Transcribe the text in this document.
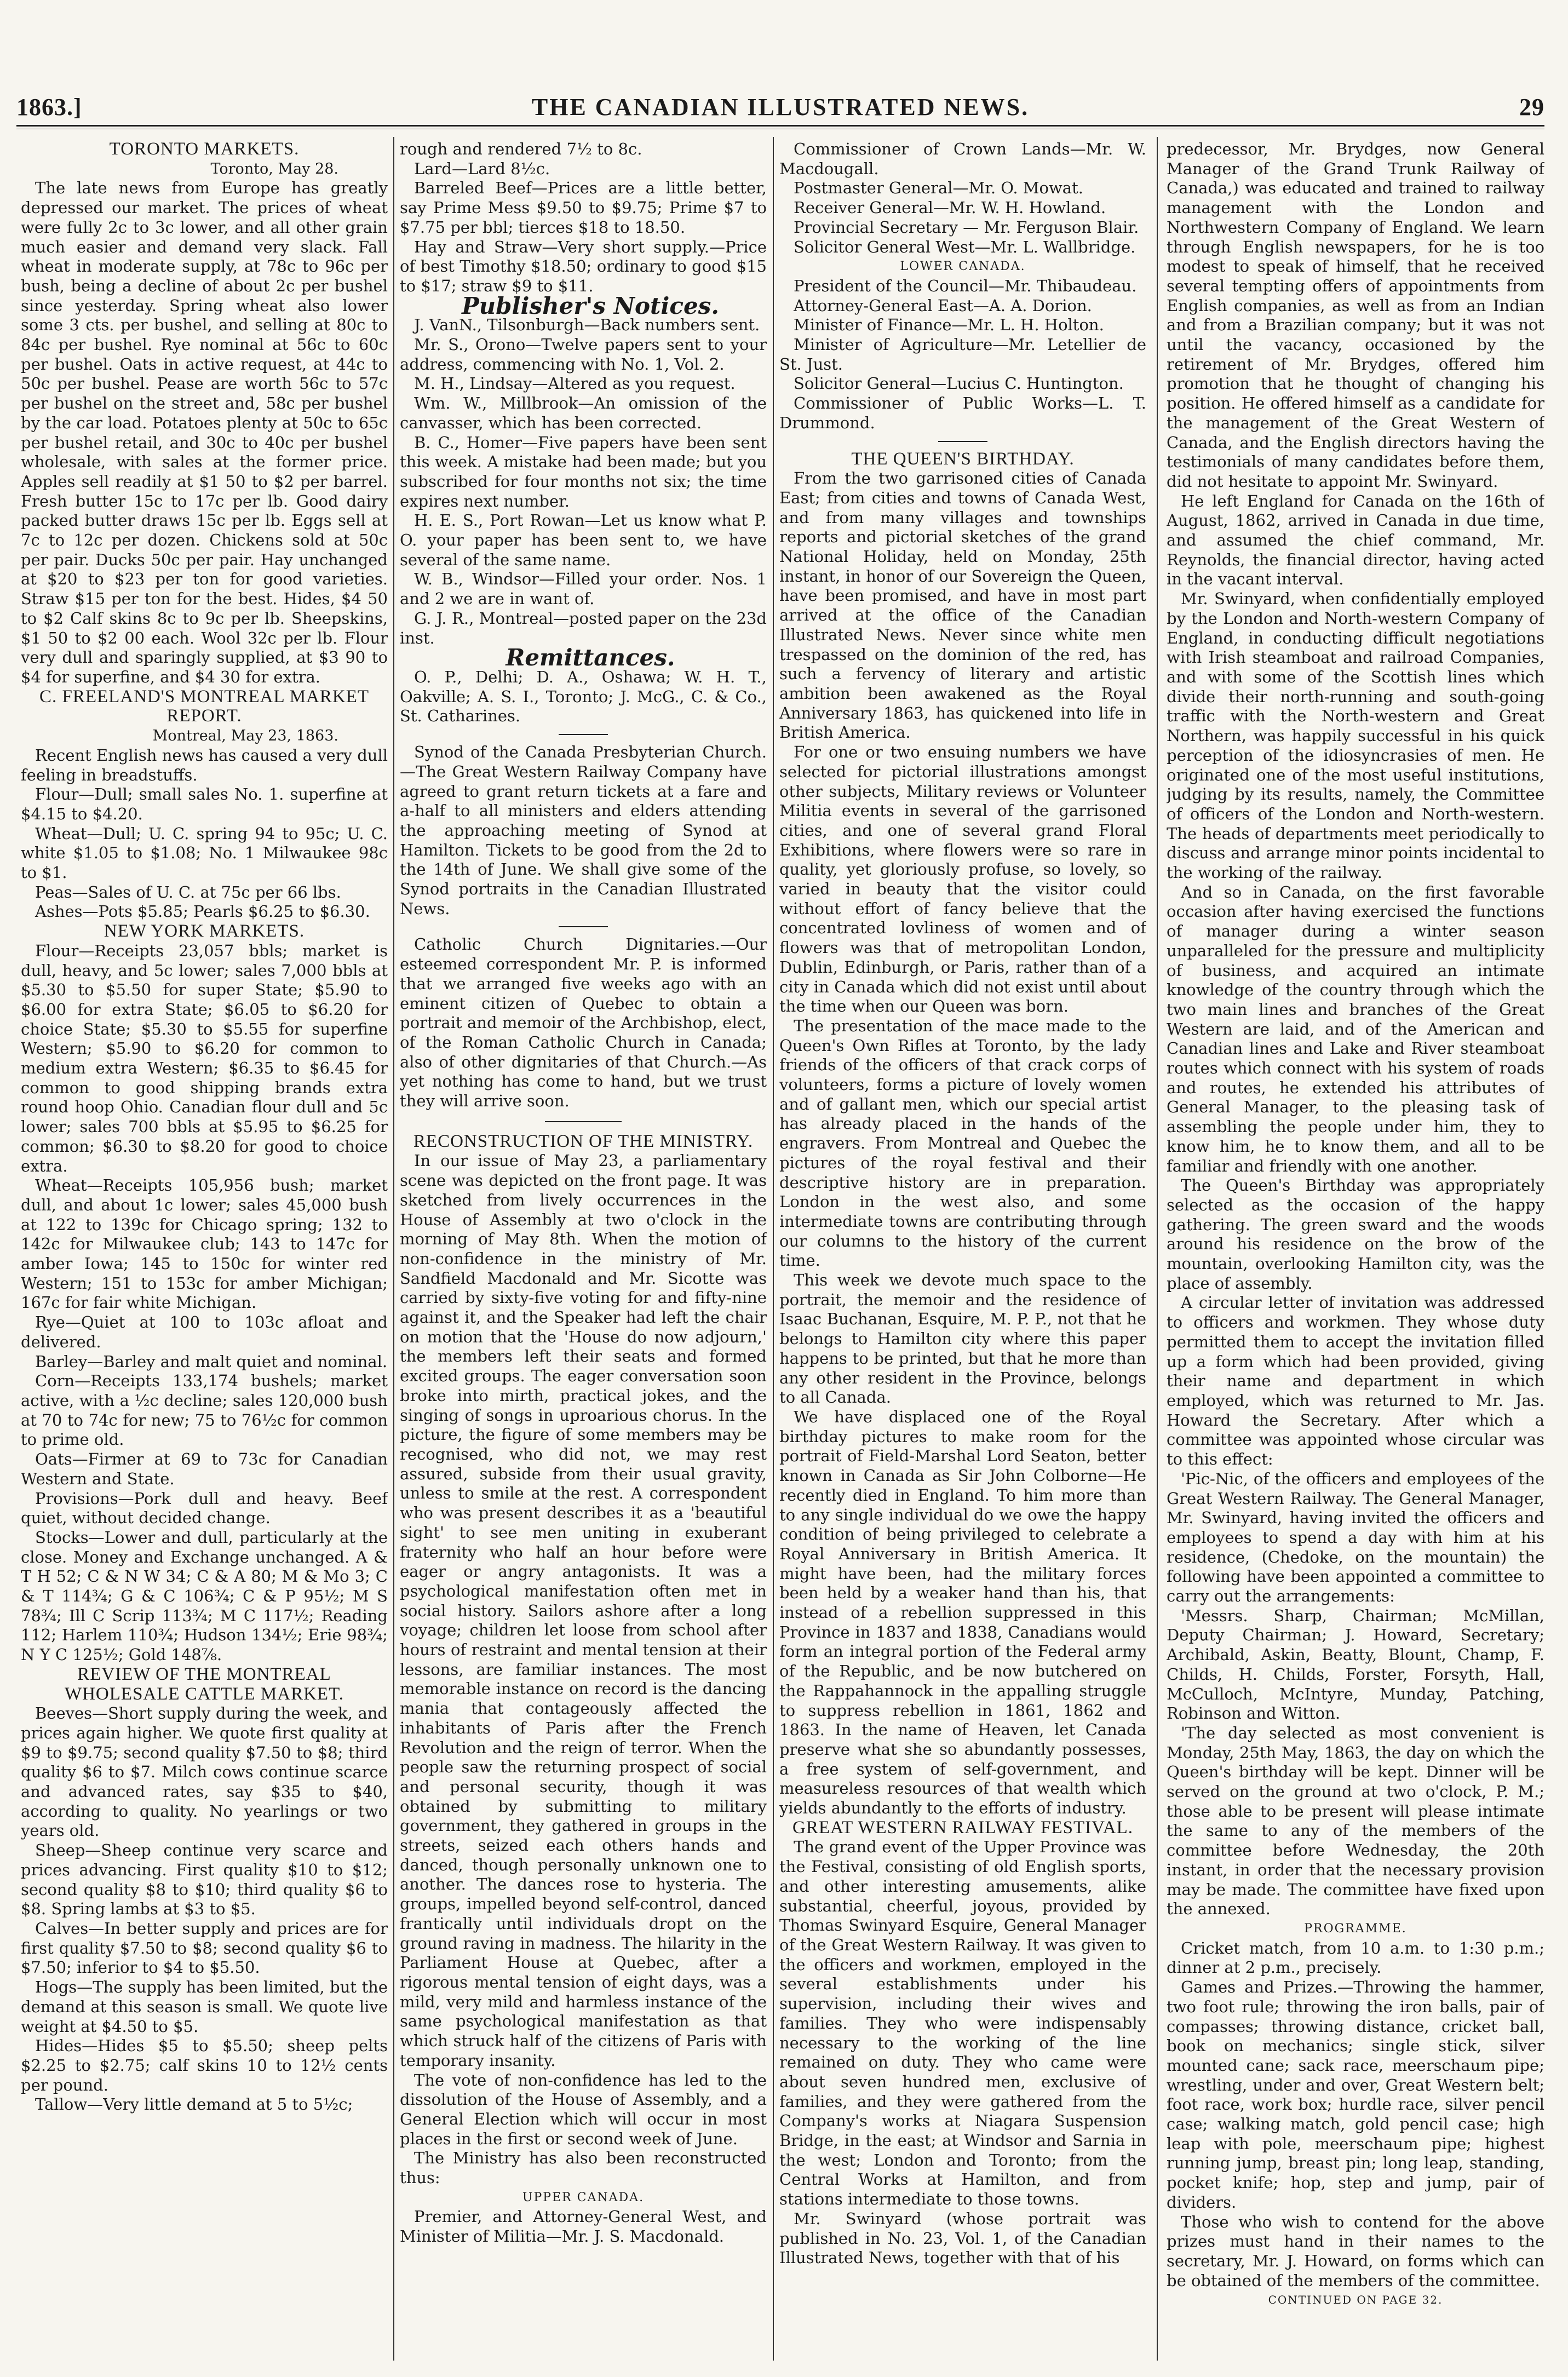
1863.]	THE CANADIAN ILLUSTRATED NEWS.	29

TORONTO MARKETS.

Toronto, May 28.

The late news from Europe has greatly depressed our market. The prices of wheat were fully 2c to 3c lower, and all other grain much easier and demand very slack. Fall wheat in moderate supply, at 78c to 96c per bush, being a decline of about 2c per bushel since yesterday. Spring wheat also lower some 3 cts. per bushel, and selling at 80c to 84c per bushel. Rye nominal at 56c to 60c per bushel. Oats in active request, at 44c to 50c per bushel. Pease are worth 56c to 57c per bushel on the street and, 58c per bushel by the car load. Potatoes plenty at 50c to 65c per bushel retail, and 30c to 40c per bushel wholesale, with sales at the former price. Apples sell readily at $1 50 to $2 per barrel. Fresh butter 15c to 17c per lb. Good dairy packed butter draws 15c per lb. Eggs sell at 7c to 12c per dozen. Chickens sold at 50c per pair. Ducks 50c per pair. Hay unchanged at $20 to $23 per ton for good varieties. Straw $15 per ton for the best. Hides, $4 50 to $2 Calf skins 8c to 9c per lb. Sheepskins, $1 50 to $2 00 each. Wool 32c per lb. Flour very dull and sparingly supplied, at $3 90 to $4 for superfine, and $4 30 for extra.

C. FREELAND'S MONTREAL MARKET REPORT.

Montreal, May 23, 1863.

Recent English news has caused a very dull feeling in breadstuffs.

Flour—Dull; small sales No. 1. superfine at $4.15 to $4.20.

Wheat—Dull; U. C. spring 94 to 95c; U. C. white $1.05 to $1.08; No. 1 Milwaukee 98c to $1.

Peas—Sales of U. C. at 75c per 66 lbs.

Ashes—Pots $5.85; Pearls $6.25 to $6.30.

NEW YORK MARKETS.

Flour—Receipts 23,057 bbls; market is dull, heavy, and 5c lower; sales 7,000 bbls at $5.30 to $5.50 for super State; $5.90 to $6.00 for extra State; $6.05 to $6.20 for choice State; $5.30 to $5.55 for superfine Western; $5.90 to $6.20 for common to medium extra Western; $6.35 to $6.45 for common to good shipping brands extra round hoop Ohio. Canadian flour dull and 5c lower; sales 700 bbls at $5.95 to $6.25 for common; $6.30 to $8.20 for good to choice extra.

Wheat—Receipts 105,956 bush; market dull, and about 1c lower; sales 45,000 bush at 122 to 139c for Chicago spring; 132 to 142c for Milwaukee club; 143 to 147c for amber Iowa; 145 to 150c for winter red Western; 151 to 153c for amber Michigan; 167c for fair white Michigan.

Rye—Quiet at 100 to 103c afloat and delivered.

Barley—Barley and malt quiet and nominal.

Corn—Receipts 133,174 bushels; market active, with a ½c decline; sales 120,000 bush at 70 to 74c for new; 75 to 76½c for common to prime old.

Oats—Firmer at 69 to 73c for Canadian Western and State.

Provisions—Pork dull and heavy. Beef quiet, without decided change.

Stocks—Lower and dull, particularly at the close. Money and Exchange unchanged. A & T H 52; C & N W 34; C & A 80; M & Mo 3; C & T 114¾; G & C 106¾; C & P 95½; M S 78¾; Ill C Scrip 113¾; M C 117½; Reading 112; Harlem 110¾; Hudson 134½; Erie 98¾; N Y C 125½; Gold 148⅞.

REVIEW OF THE MONTREAL WHOLESALE CATTLE MARKET.

Beeves—Short supply during the week, and prices again higher. We quote first quality at $9 to $9.75; second quality $7.50 to $8; third quality $6 to $7. Milch cows continue scarce and advanced rates, say $35 to $40, according to quality. No yearlings or two years old.

Sheep—Sheep continue very scarce and prices advancing. First quality $10 to $12; second quality $8 to $10; third quality $6 to $8. Spring lambs at $3 to $5.

Calves—In better supply and prices are for first quality $7.50 to $8; second quality $6 to $7.50; inferior to $4 to $5.50.

Hogs—The supply has been limited, but the demand at this season is small. We quote live weight at $4.50 to $5.

Hides—Hides $5 to $5.50; sheep pelts $2.25 to $2.75; calf skins 10 to 12½ cents per pound.

Tallow—Very little demand at 5 to 5½c;

rough and rendered 7½ to 8c.

Lard—Lard 8½c.

Barreled Beef—Prices are a little better, say Prime Mess $9.50 to $9.75; Prime $7 to $7.75 per bbl; tierces $18 to 18.50.

Hay and Straw—Very short supply.—Price of best Timothy $18.50; ordinary to good $15 to $17; straw $9 to $11.

Publisher's Notices.

J. VanN., Tilsonburgh—Back numbers sent.

Mr. S., Orono—Twelve papers sent to your address, commencing with No. 1, Vol. 2.

M. H., Lindsay—Altered as you request.

Wm. W., Millbrook—An omission of the canvasser, which has been corrected.

B. C., Homer—Five papers have been sent this week. A mistake had been made; but you subscribed for four months not six; the time expires next number.

H. E. S., Port Rowan—Let us know what P. O. your paper has been sent to, we have several of the same name.

W. B., Windsor—Filled your order. Nos. 1 and 2 we are in want of.

G. J. R., Montreal—posted paper on the 23d inst.

Remittances.

O. P., Delhi; D. A., Oshawa; W. H. T., Oakville; A. S. I., Toronto; J. McG., C. & Co., St. Catharines.

Synod of the Canada Presbyterian Church.—The Great Western Railway Company have agreed to grant return tickets at a fare and a-half to all ministers and elders attending the approaching meeting of Synod at Hamilton. Tickets to be good from the 2d to the 14th of June. We shall give some of the Synod portraits in the Canadian Illustrated News.

Catholic Church Dignitaries.—Our esteemed correspondent Mr. P. is informed that we arranged five weeks ago with an eminent citizen of Quebec to obtain a portrait and memoir of the Archbishop, elect, of the Roman Catholic Church in Canada; also of other dignitaries of that Church.—As yet nothing has come to hand, but we trust they will arrive soon.

RECONSTRUCTION OF THE MINISTRY.

In our issue of May 23, a parliamentary scene was depicted on the front page. It was sketched from lively occurrences in the House of Assembly at two o'clock in the morning of May 8th. When the motion of non-confidence in the ministry of Mr. Sandfield Macdonald and Mr. Sicotte was carried by sixty-five voting for and fifty-nine against it, and the Speaker had left the chair on motion that the 'House do now adjourn,' the members left their seats and formed excited groups. The eager conversation soon broke into mirth, practical jokes, and the singing of songs in uproarious chorus. In the picture, the figure of some members may be recognised, who did not, we may rest assured, subside from their usual gravity, unless to smile at the rest. A correspondent who was present describes it as a 'beautiful sight' to see men uniting in exuberant fraternity who half an hour before were eager or angry antagonists. It was a psychological manifestation often met in social history. Sailors ashore after a long voyage; children let loose from school after hours of restraint and mental tension at their lessons, are familiar instances. The most memorable instance on record is the dancing mania that contageously affected the inhabitants of Paris after the French Revolution and the reign of terror. When the people saw the returning prospect of social and personal security, though it was obtained by submitting to military government, they gathered in groups in the streets, seized each others hands and danced, though personally unknown one to another. The dances rose to hysteria. The groups, impelled beyond self-control, danced frantically until individuals dropt on the ground raving in madness. The hilarity in the Parliament House at Quebec, after a rigorous mental tension of eight days, was a mild, very mild and harmless instance of the same psychological manifestation as that which struck half of the citizens of Paris with temporary insanity.

The vote of non-confidence has led to the dissolution of the House of Assembly, and a General Election which will occur in most places in the first or second week of June.

The Ministry has also been reconstructed thus:

UPPER CANADA.

Premier, and Attorney-General West, and Minister of Militia—Mr. J. S. Macdonald.

Commissioner of Crown Lands—Mr. W. Macdougall.

Postmaster General—Mr. O. Mowat.

Receiver General—Mr. W. H. Howland.

Provincial Secretary — Mr. Ferguson Blair.

Solicitor General West—Mr. L. Wallbridge.

LOWER CANADA.

President of the Council—Mr. Thibaudeau.

Attorney-General East—A. A. Dorion.

Minister of Finance—Mr. L. H. Holton.

Minister of Agriculture—Mr. Letellier de St. Just.

Solicitor General—Lucius C. Huntington.

Commissioner of Public Works—L. T. Drummond.

THE QUEEN'S BIRTHDAY.

From the two garrisoned cities of Canada East; from cities and towns of Canada West, and from many villages and townships reports and pictorial sketches of the grand National Holiday, held on Monday, 25th instant, in honor of our Sovereign the Queen, have been promised, and have in most part arrived at the office of the Canadian Illustrated News. Never since white men trespassed on the dominion of the red, has such a fervency of literary and artistic ambition been awakened as the Royal Anniversary 1863, has quickened into life in British America.

For one or two ensuing numbers we have selected for pictorial illustrations amongst other subjects, Military reviews or Volunteer Militia events in several of the garrisoned cities, and one of several grand Floral Exhibitions, where flowers were so rare in quality, yet gloriously profuse, so lovely, so varied in beauty that the visitor could without effort of fancy believe that the concentrated lovliness of women and of flowers was that of metropolitan London, Dublin, Edinburgh, or Paris, rather than of a city in Canada which did not exist until about the time when our Queen was born.

The presentation of the mace made to the Queen's Own Rifles at Toronto, by the lady friends of the officers of that crack corps of volunteers, forms a picture of lovely women and of gallant men, which our special artist has already placed in the hands of the engravers. From Montreal and Quebec the pictures of the royal festival and their descriptive history are in preparation. London in the west also, and some intermediate towns are contributing through our columns to the history of the current time.

This week we devote much space to the portrait, the memoir and the residence of Isaac Buchanan, Esquire, M. P. P., not that he belongs to Hamilton city where this paper happens to be printed, but that he more than any other resident in the Province, belongs to all Canada.

We have displaced one of the Royal birthday pictures to make room for the portrait of Field-Marshal Lord Seaton, better known in Canada as Sir John Colborne—He recently died in England. To him more than to any single individual do we owe the happy condition of being privileged to celebrate a Royal Anniversary in British America. It might have been, had the military forces been held by a weaker hand than his, that instead of a rebellion suppressed in this Province in 1837 and 1838, Canadians would form an integral portion of the Federal army of the Republic, and be now butchered on the Rappahannock in the appalling struggle to suppress rebellion in 1861, 1862 and 1863. In the name of Heaven, let Canada preserve what she so abundantly possesses, a free system of self-government, and measureless resources of that wealth which yields abundantly to the efforts of industry.

GREAT WESTERN RAILWAY FESTIVAL.

The grand event of the Upper Province was the Festival, consisting of old English sports, and other interesting amusements, alike substantial, cheerful, joyous, provided by Thomas Swinyard Esquire, General Manager of the Great Western Railway. It was given to the officers and workmen, employed in the several establishments under his supervision, including their wives and families. They who were indispensably necessary to the working of the line remained on duty. They who came were about seven hundred men, exclusive of families, and they were gathered from the Company's works at Niagara Suspension Bridge, in the east; at Windsor and Sarnia in the west; London and Toronto; from the Central Works at Hamilton, and from stations intermediate to those towns.

Mr. Swinyard (whose portrait was published in No. 23, Vol. 1, of the Canadian Illustrated News, together with that of his

predecessor, Mr. Brydges, now General Manager of the Grand Trunk Railway of Canada,) was educated and trained to railway management with the London and Northwestern Company of England. We learn through English newspapers, for he is too modest to speak of himself, that he received several tempting offers of appointments from English companies, as well as from an Indian and from a Brazilian company; but it was not until the vacancy, occasioned by the retirement of Mr. Brydges, offered him promotion that he thought of changing his position. He offered himself as a candidate for the management of the Great Western of Canada, and the English directors having the testimonials of many candidates before them, did not hesitate to appoint Mr. Swinyard.

He left England for Canada on the 16th of August, 1862, arrived in Canada in due time, and assumed the chief command, Mr. Reynolds, the financial director, having acted in the vacant interval.

Mr. Swinyard, when confidentially employed by the London and North-western Company of England, in conducting difficult negotiations with Irish steamboat and railroad Companies, and with some of the Scottish lines which divide their north-running and south-going traffic with the North-western and Great Northern, was happily successful in his quick perception of the idiosyncrasies of men. He originated one of the most useful institutions, judging by its results, namely, the Committee of officers of the London and North-western. The heads of departments meet periodically to discuss and arrange minor points incidental to the working of the railway.

And so in Canada, on the first favorable occasion after having exercised the functions of manager during a winter season unparalleled for the pressure and multiplicity of business, and acquired an intimate knowledge of the country through which the two main lines and branches of the Great Western are laid, and of the American and Canadian lines and Lake and River steamboat routes which connect with his system of roads and routes, he extended his attributes of General Manager, to the pleasing task of assembling the people under him, they to know him, he to know them, and all to be familiar and friendly with one another.

The Queen's Birthday was appropriately selected as the occasion of the happy gathering. The green sward and the woods around his residence on the brow of the mountain, overlooking Hamilton city, was the place of assembly.

A circular letter of invitation was addressed to officers and workmen. They whose duty permitted them to accept the invitation filled up a form which had been provided, giving their name and department in which employed, which was returned to Mr. Jas. Howard the Secretary. After which a committee was appointed whose circular was to this effect:

'Pic-Nic, of the officers and employees of the Great Western Railway. The General Manager, Mr. Swinyard, having invited the officers and employees to spend a day with him at his residence, (Chedoke, on the mountain) the following have been appointed a committee to carry out the arrangements:

'Messrs. Sharp, Chairman; McMillan, Deputy Chairman; J. Howard, Secretary; Archibald, Askin, Beatty, Blount, Champ, F. Childs, H. Childs, Forster, Forsyth, Hall, McCulloch, McIntyre, Munday, Patching, Robinson and Witton.

'The day selected as most convenient is Monday, 25th May, 1863, the day on which the Queen's birthday will be kept. Dinner will be served on the ground at two o'clock, P. M.; those able to be present will please intimate the same to any of the members of the committee before Wednesday, the 20th instant, in order that the necessary provision may be made. The committee have fixed upon the annexed.

PROGRAMME.

Cricket match, from 10 a.m. to 1:30 p.m.; dinner at 2 p.m., precisely.

Games and Prizes.—Throwing the hammer, two foot rule; throwing the iron balls, pair of compasses; throwing distance, cricket ball, book on mechanics; single stick, silver mounted cane; sack race, meerschaum pipe; wrestling, under and over, Great Western belt; foot race, work box; hurdle race, silver pencil case; walking match, gold pencil case; high leap with pole, meerschaum pipe; highest running jump, breast pin; long leap, standing, pocket knife; hop, step and jump, pair of dividers.

Those who wish to contend for the above prizes must hand in their names to the secretary, Mr. J. Howard, on forms which can be obtained of the members of the committee.

CONTINUED ON PAGE 32.
